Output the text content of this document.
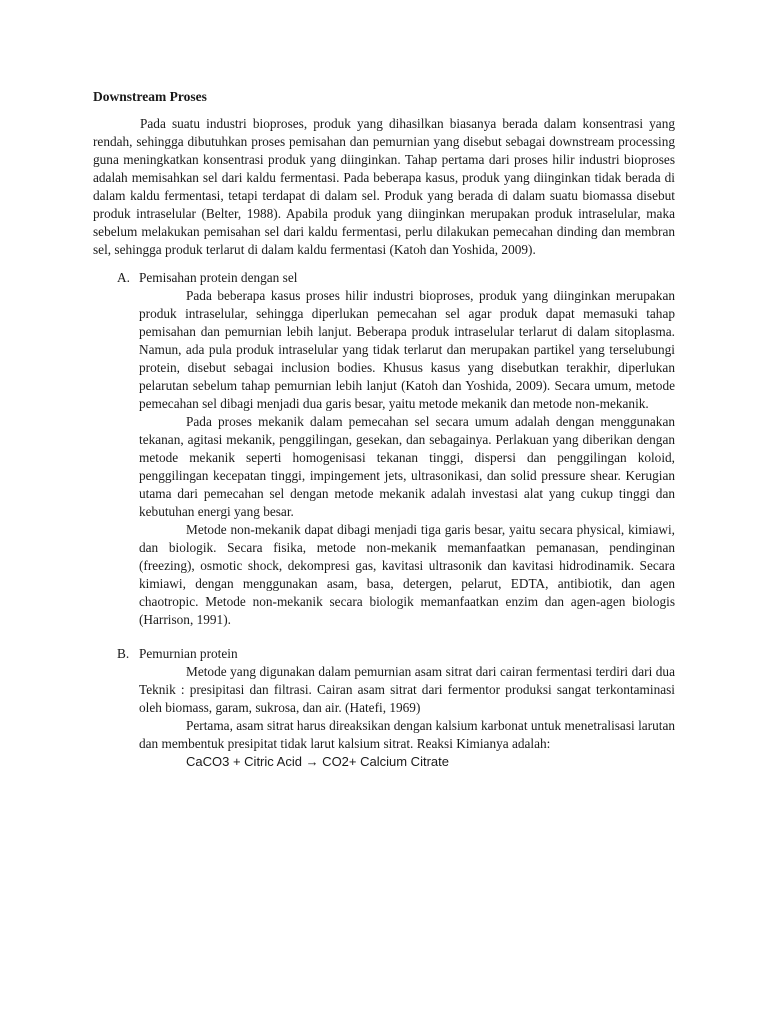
Downstream Proses

Pada suatu industri bioproses, produk yang dihasilkan biasanya berada dalam konsentrasi yang rendah, sehingga dibutuhkan proses pemisahan dan pemurnian yang disebut sebagai downstream processing guna meningkatkan konsentrasi produk yang diinginkan. Tahap pertama dari proses hilir industri bioproses adalah memisahkan sel dari kaldu fermentasi. Pada beberapa kasus, produk yang diinginkan tidak berada di dalam kaldu fermentasi, tetapi terdapat di dalam sel. Produk yang berada di dalam suatu biomassa disebut produk intraselular (Belter, 1988). Apabila produk yang diinginkan merupakan produk intraselular, maka sebelum melakukan pemisahan sel dari kaldu fermentasi, perlu dilakukan pemecahan dinding dan membran sel, sehingga produk terlarut di dalam kaldu fermentasi (Katoh dan Yoshida, 2009).

A. Pemisahan protein dengan sel

Pada beberapa kasus proses hilir industri bioproses, produk yang diinginkan merupakan produk intraselular, sehingga diperlukan pemecahan sel agar produk dapat memasuki tahap pemisahan dan pemurnian lebih lanjut. Beberapa produk intraselular terlarut di dalam sitoplasma. Namun, ada pula produk intraselular yang tidak terlarut dan merupakan partikel yang terselubungi protein, disebut sebagai inclusion bodies. Khusus kasus yang disebutkan terakhir, diperlukan pelarutan sebelum tahap pemurnian lebih lanjut (Katoh dan Yoshida, 2009). Secara umum, metode pemecahan sel dibagi menjadi dua garis besar, yaitu metode mekanik dan metode non-mekanik.

Pada proses mekanik dalam pemecahan sel secara umum adalah dengan menggunakan tekanan, agitasi mekanik, penggilingan, gesekan, dan sebagainya. Perlakuan yang diberikan dengan metode mekanik seperti homogenisasi tekanan tinggi, dispersi dan penggilingan koloid, penggilingan kecepatan tinggi, impingement jets, ultrasonikasi, dan solid pressure shear. Kerugian utama dari pemecahan sel dengan metode mekanik adalah investasi alat yang cukup tinggi dan kebutuhan energi yang besar.

Metode non-mekanik dapat dibagi menjadi tiga garis besar, yaitu secara physical, kimiawi, dan biologik. Secara fisika, metode non-mekanik memanfaatkan pemanasan, pendinginan (freezing), osmotic shock, dekompresi gas, kavitasi ultrasonik dan kavitasi hidrodinamik. Secara kimiawi, dengan menggunakan asam, basa, detergen, pelarut, EDTA, antibiotik, dan agen chaotropic. Metode non-mekanik secara biologik memanfaatkan enzim dan agen-agen biologis (Harrison, 1991).

B. Pemurnian protein

Metode yang digunakan dalam pemurnian asam sitrat dari cairan fermentasi terdiri dari dua Teknik : presipitasi dan filtrasi. Cairan asam sitrat dari fermentor produksi sangat terkontaminasi oleh biomass, garam, sukrosa, dan air. (Hatefi, 1969)

Pertama, asam sitrat harus direaksikan dengan kalsium karbonat untuk menetralisasi larutan dan membentuk presipitat tidak larut kalsium sitrat. Reaksi Kimianya adalah:

CaCO3 + Citric Acid → CO2+ Calcium Citrate
